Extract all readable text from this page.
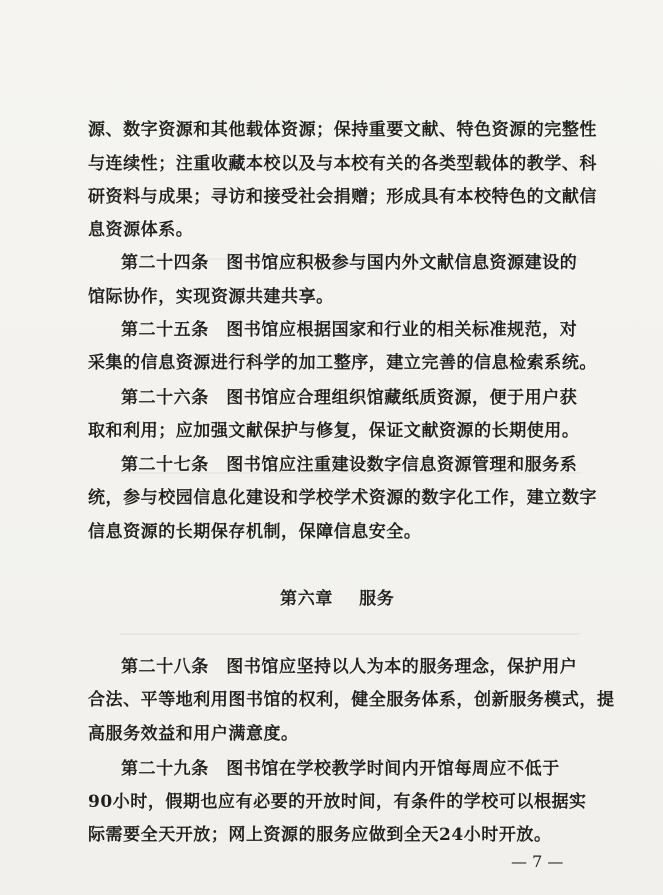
源、数字资源和其他载体资源；保持重要文献、特色资源的完整性
与连续性；注重收藏本校以及与本校有关的各类型载体的教学、科
研资料与成果；寻访和接受社会捐赠；形成具有本校特色的文献信
息资源体系。
第二十四条　图书馆应积极参与国内外文献信息资源建设的
馆际协作，实现资源共建共享。
第二十五条　图书馆应根据国家和行业的相关标准规范，对
采集的信息资源进行科学的加工整序，建立完善的信息检索系统。
第二十六条　图书馆应合理组织馆藏纸质资源，便于用户获
取和利用；应加强文献保护与修复，保证文献资源的长期使用。
第二十七条　图书馆应注重建设数字信息资源管理和服务系
统，参与校园信息化建设和学校学术资源的数字化工作，建立数字
信息资源的长期保存机制，保障信息安全。
第六章 服务
第二十八条　图书馆应坚持以人为本的服务理念，保护用户
合法、平等地利用图书馆的权利，健全服务体系，创新服务模式，提
高服务效益和用户满意度。
第二十九条　图书馆在学校教学时间内开馆每周应不低于
90小时，假期也应有必要的开放时间，有条件的学校可以根据实
际需要全天开放；网上资源的服务应做到全天24小时开放。
— 7 —
